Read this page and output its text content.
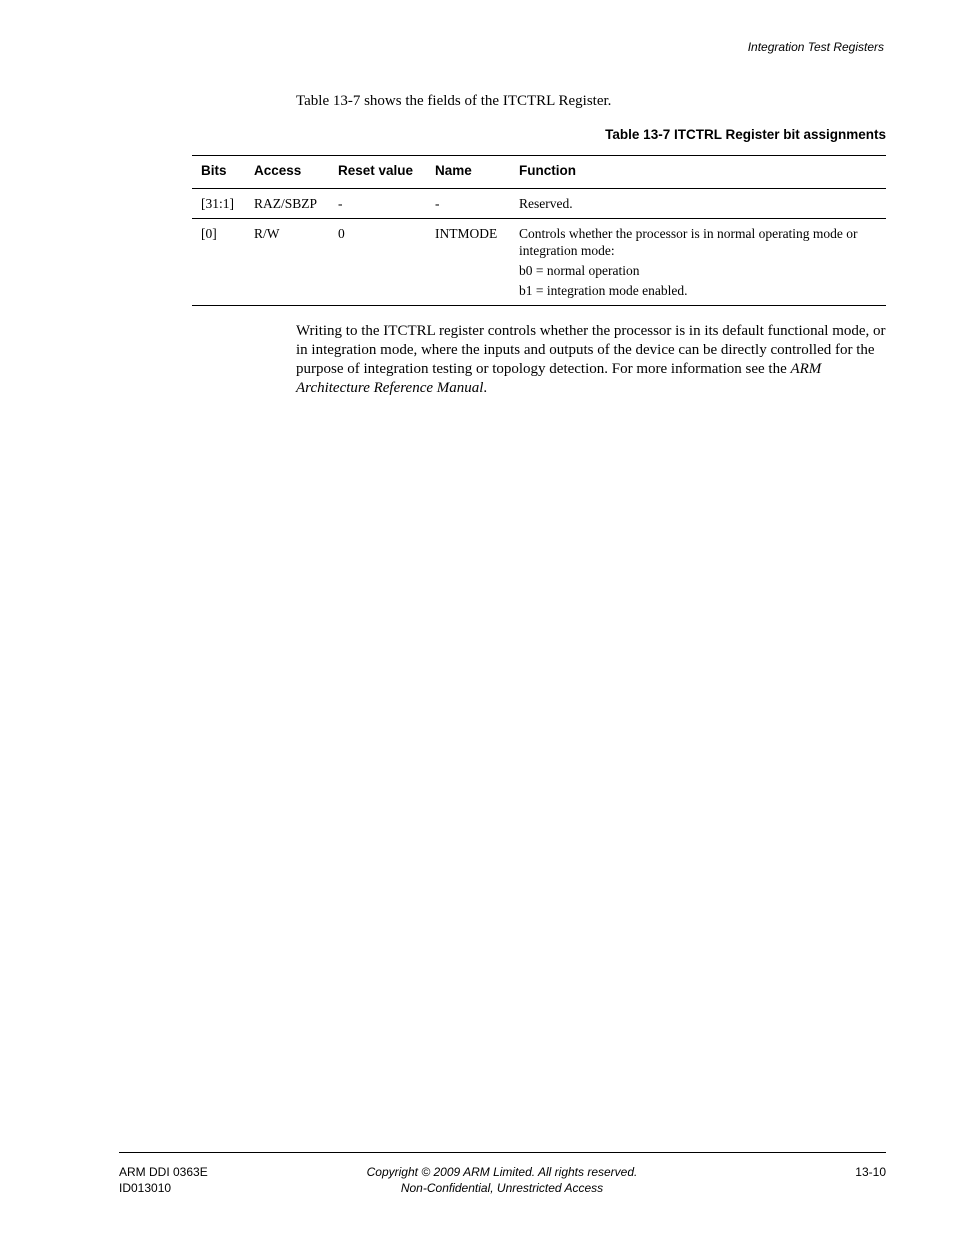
Integration Test Registers
Table 13-7 shows the fields of the ITCTRL Register.
Table 13-7 ITCTRL Register bit assignments
Bits	Access	Reset value	Name	Function
[31:1]	RAZ/SBZP	-	-	Reserved.

[0]	R/W	0	INTMODE	Controls whether the processor is in normal operating mode or integration mode:

b0 = normal operation

b1 = integration mode enabled.

Writing to the ITCTRL register controls whether the processor is in its default functional mode, or in integration mode, where the inputs and outputs of the device can be directly controlled for the purpose of integration testing or topology detection. For more information see the ARM Architecture Reference Manual.

ARM DDI 0363E
ID013010
Copyright © 2009 ARM Limited. All rights reserved.
Non-Confidential, Unrestricted Access
13-10
